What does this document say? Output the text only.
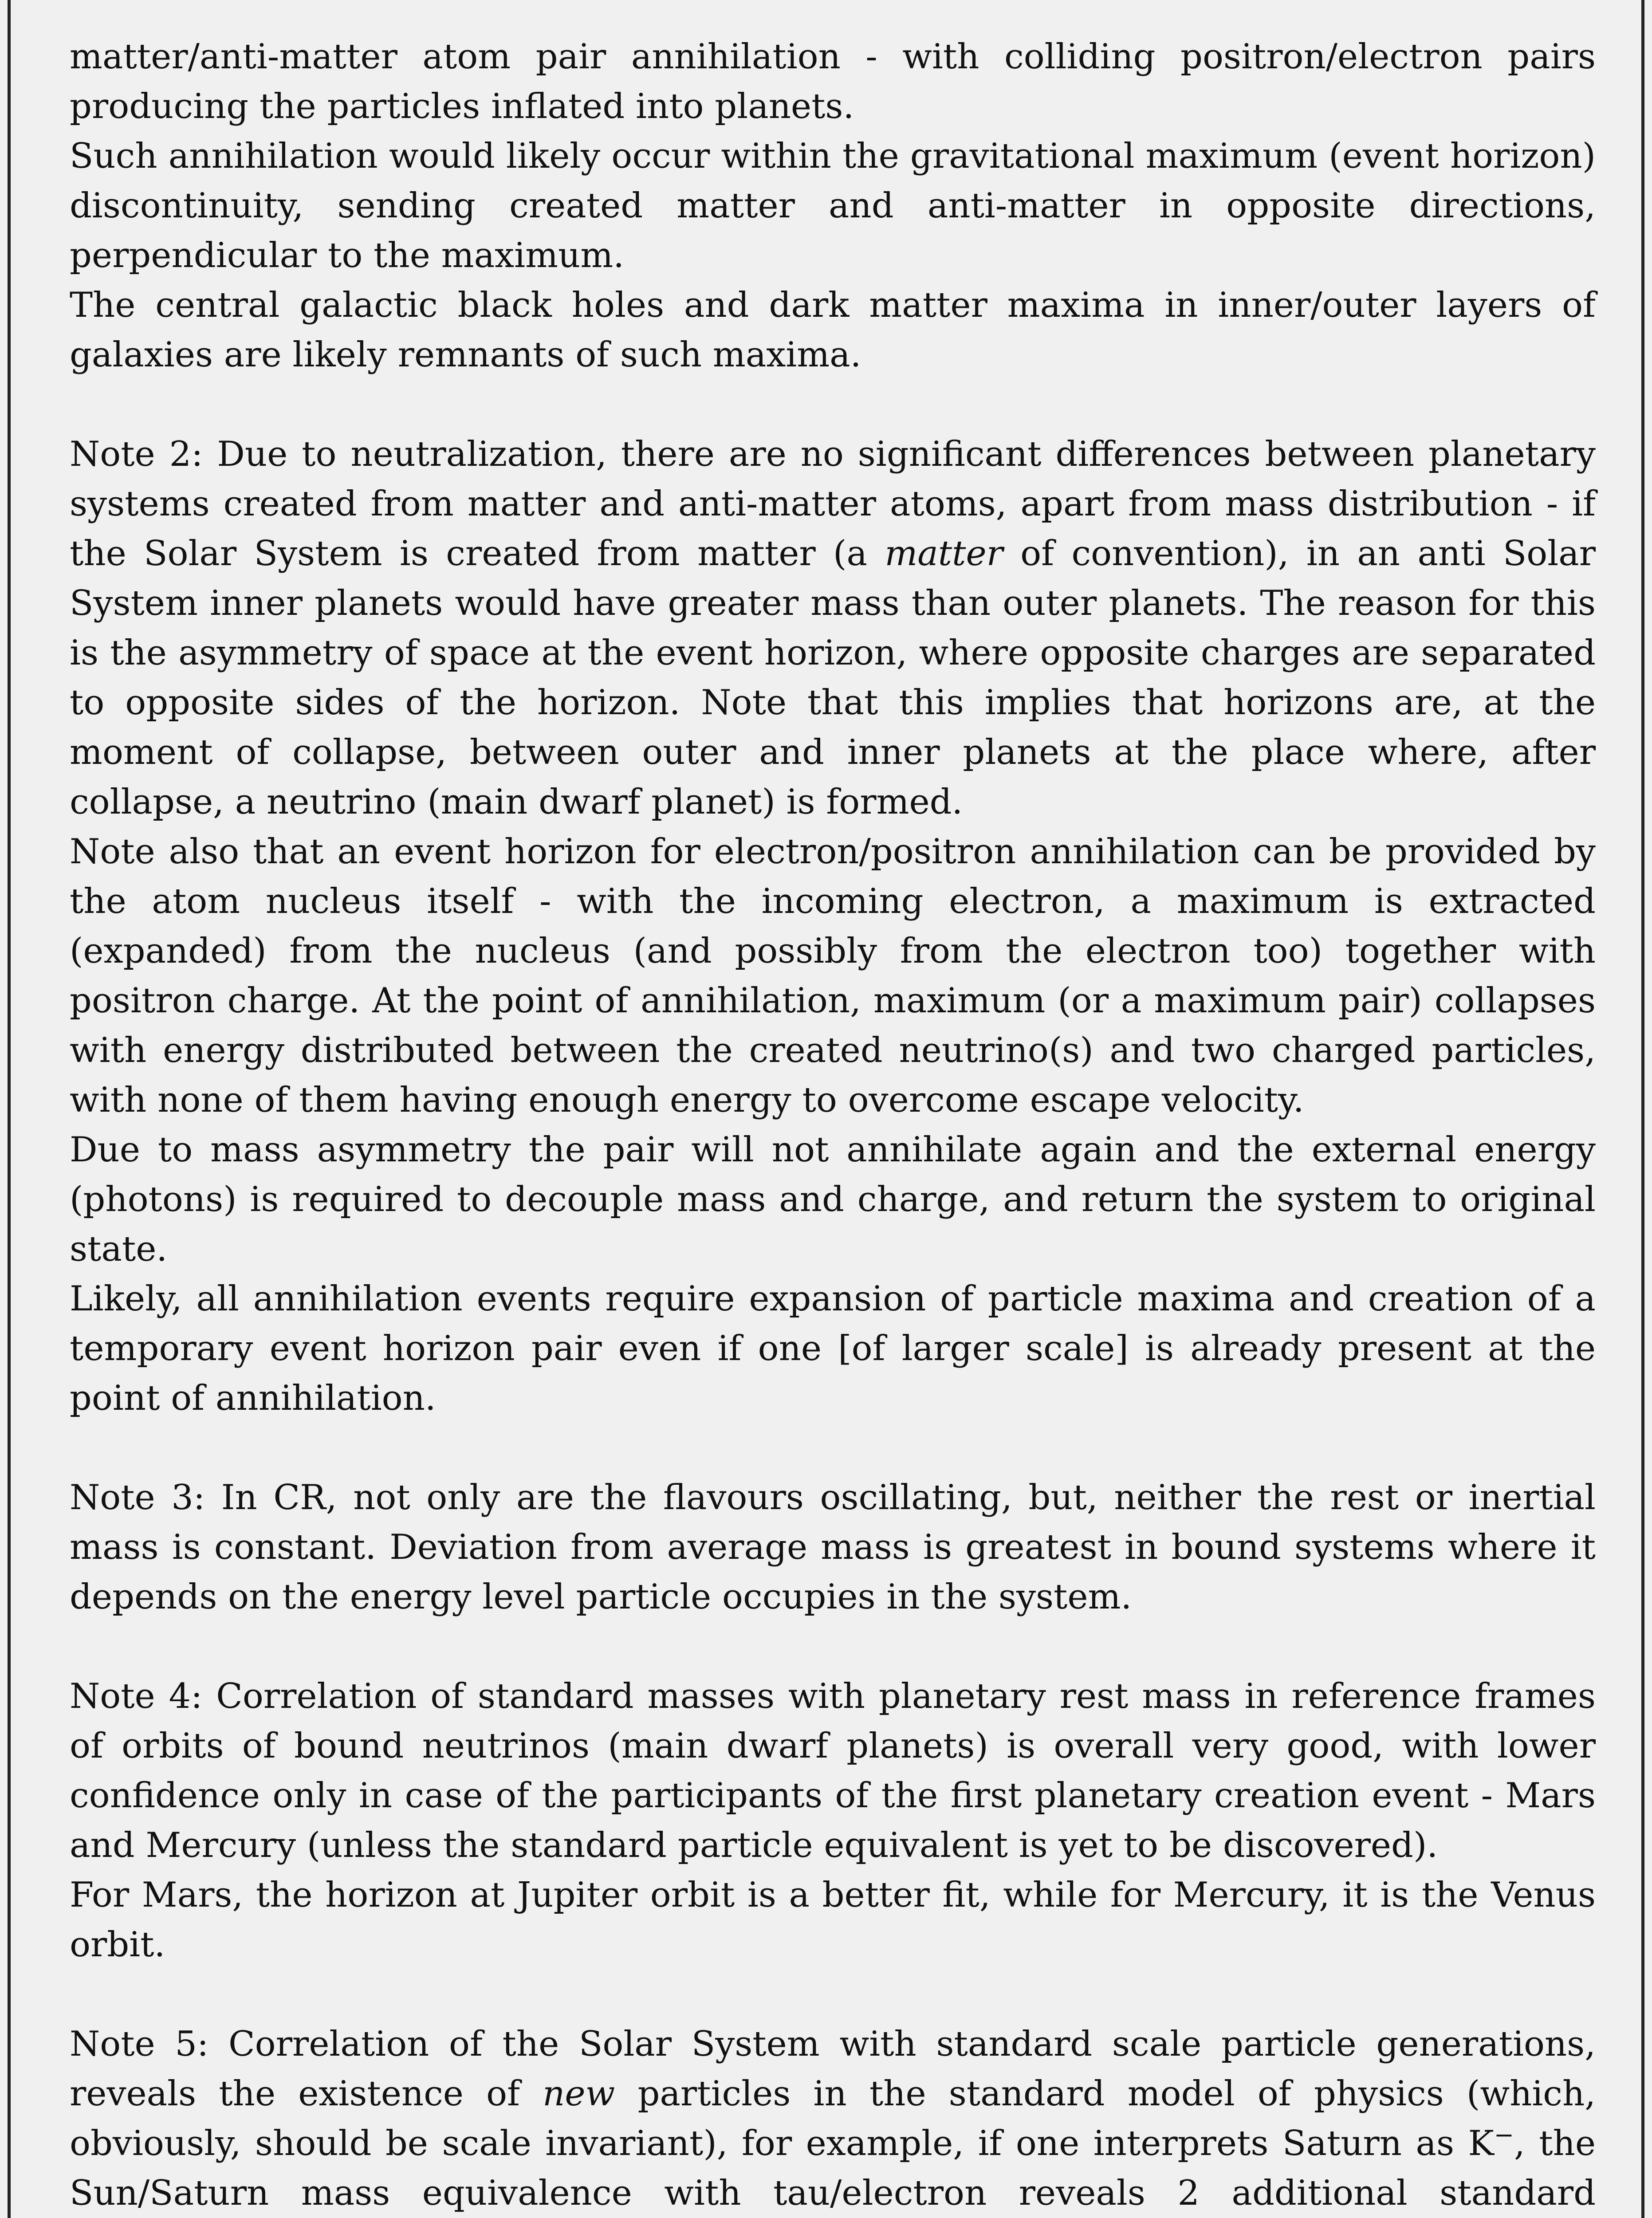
matter/anti-matter atom pair annihilation - with colliding positron/electron pairs producing the particles inflated into planets.

Such annihilation would likely occur within the gravitational maximum (event horizon) discontinuity, sending created matter and anti-matter in opposite directions, perpendicular to the maximum.

The central galactic black holes and dark matter maxima in inner/outer layers of galaxies are likely remnants of such maxima.

Note 2: Due to neutralization, there are no significant differences between planetary systems created from matter and anti-matter atoms, apart from mass distribution - if the Solar System is created from matter (a matter of convention), in an anti Solar System inner planets would have greater mass than outer planets. The reason for this is the asymmetry of space at the event horizon, where opposite charges are separated to opposite sides of the horizon. Note that this implies that horizons are, at the moment of collapse, between outer and inner planets at the place where, after collapse, a neutrino (main dwarf planet) is formed.

Note also that an event horizon for electron/positron annihilation can be provided by the atom nucleus itself - with the incoming electron, a maximum is extracted (expanded) from the nucleus (and possibly from the electron too) together with positron charge. At the point of annihilation, maximum (or a maximum pair) collapses with energy distributed between the created neutrino(s) and two charged particles, with none of them having enough energy to overcome escape velocity.

Due to mass asymmetry the pair will not annihilate again and the external energy (photons) is required to decouple mass and charge, and return the system to original state.

Likely, all annihilation events require expansion of particle maxima and creation of a temporary event horizon pair even if one [of larger scale] is already present at the point of annihilation.

Note 3: In CR, not only are the flavours oscillating, but, neither the rest or inertial mass is constant. Deviation from average mass is greatest in bound systems where it depends on the energy level particle occupies in the system.

Note 4: Correlation of standard masses with planetary rest mass in reference frames of orbits of bound neutrinos (main dwarf planets) is overall very good, with lower confidence only in case of the participants of the first planetary creation event - Mars and Mercury (unless the standard particle equivalent is yet to be discovered).

For Mars, the horizon at Jupiter orbit is a better fit, while for Mercury, it is the Venus orbit.

Note 5: Correlation of the Solar System with standard scale particle generations, reveals the existence of new particles in the standard model of physics (which, obviously, should be scale invariant), for example, if one interprets Saturn as K−, the Sun/Saturn mass equivalence with tau/electron reveals 2 additional standard
